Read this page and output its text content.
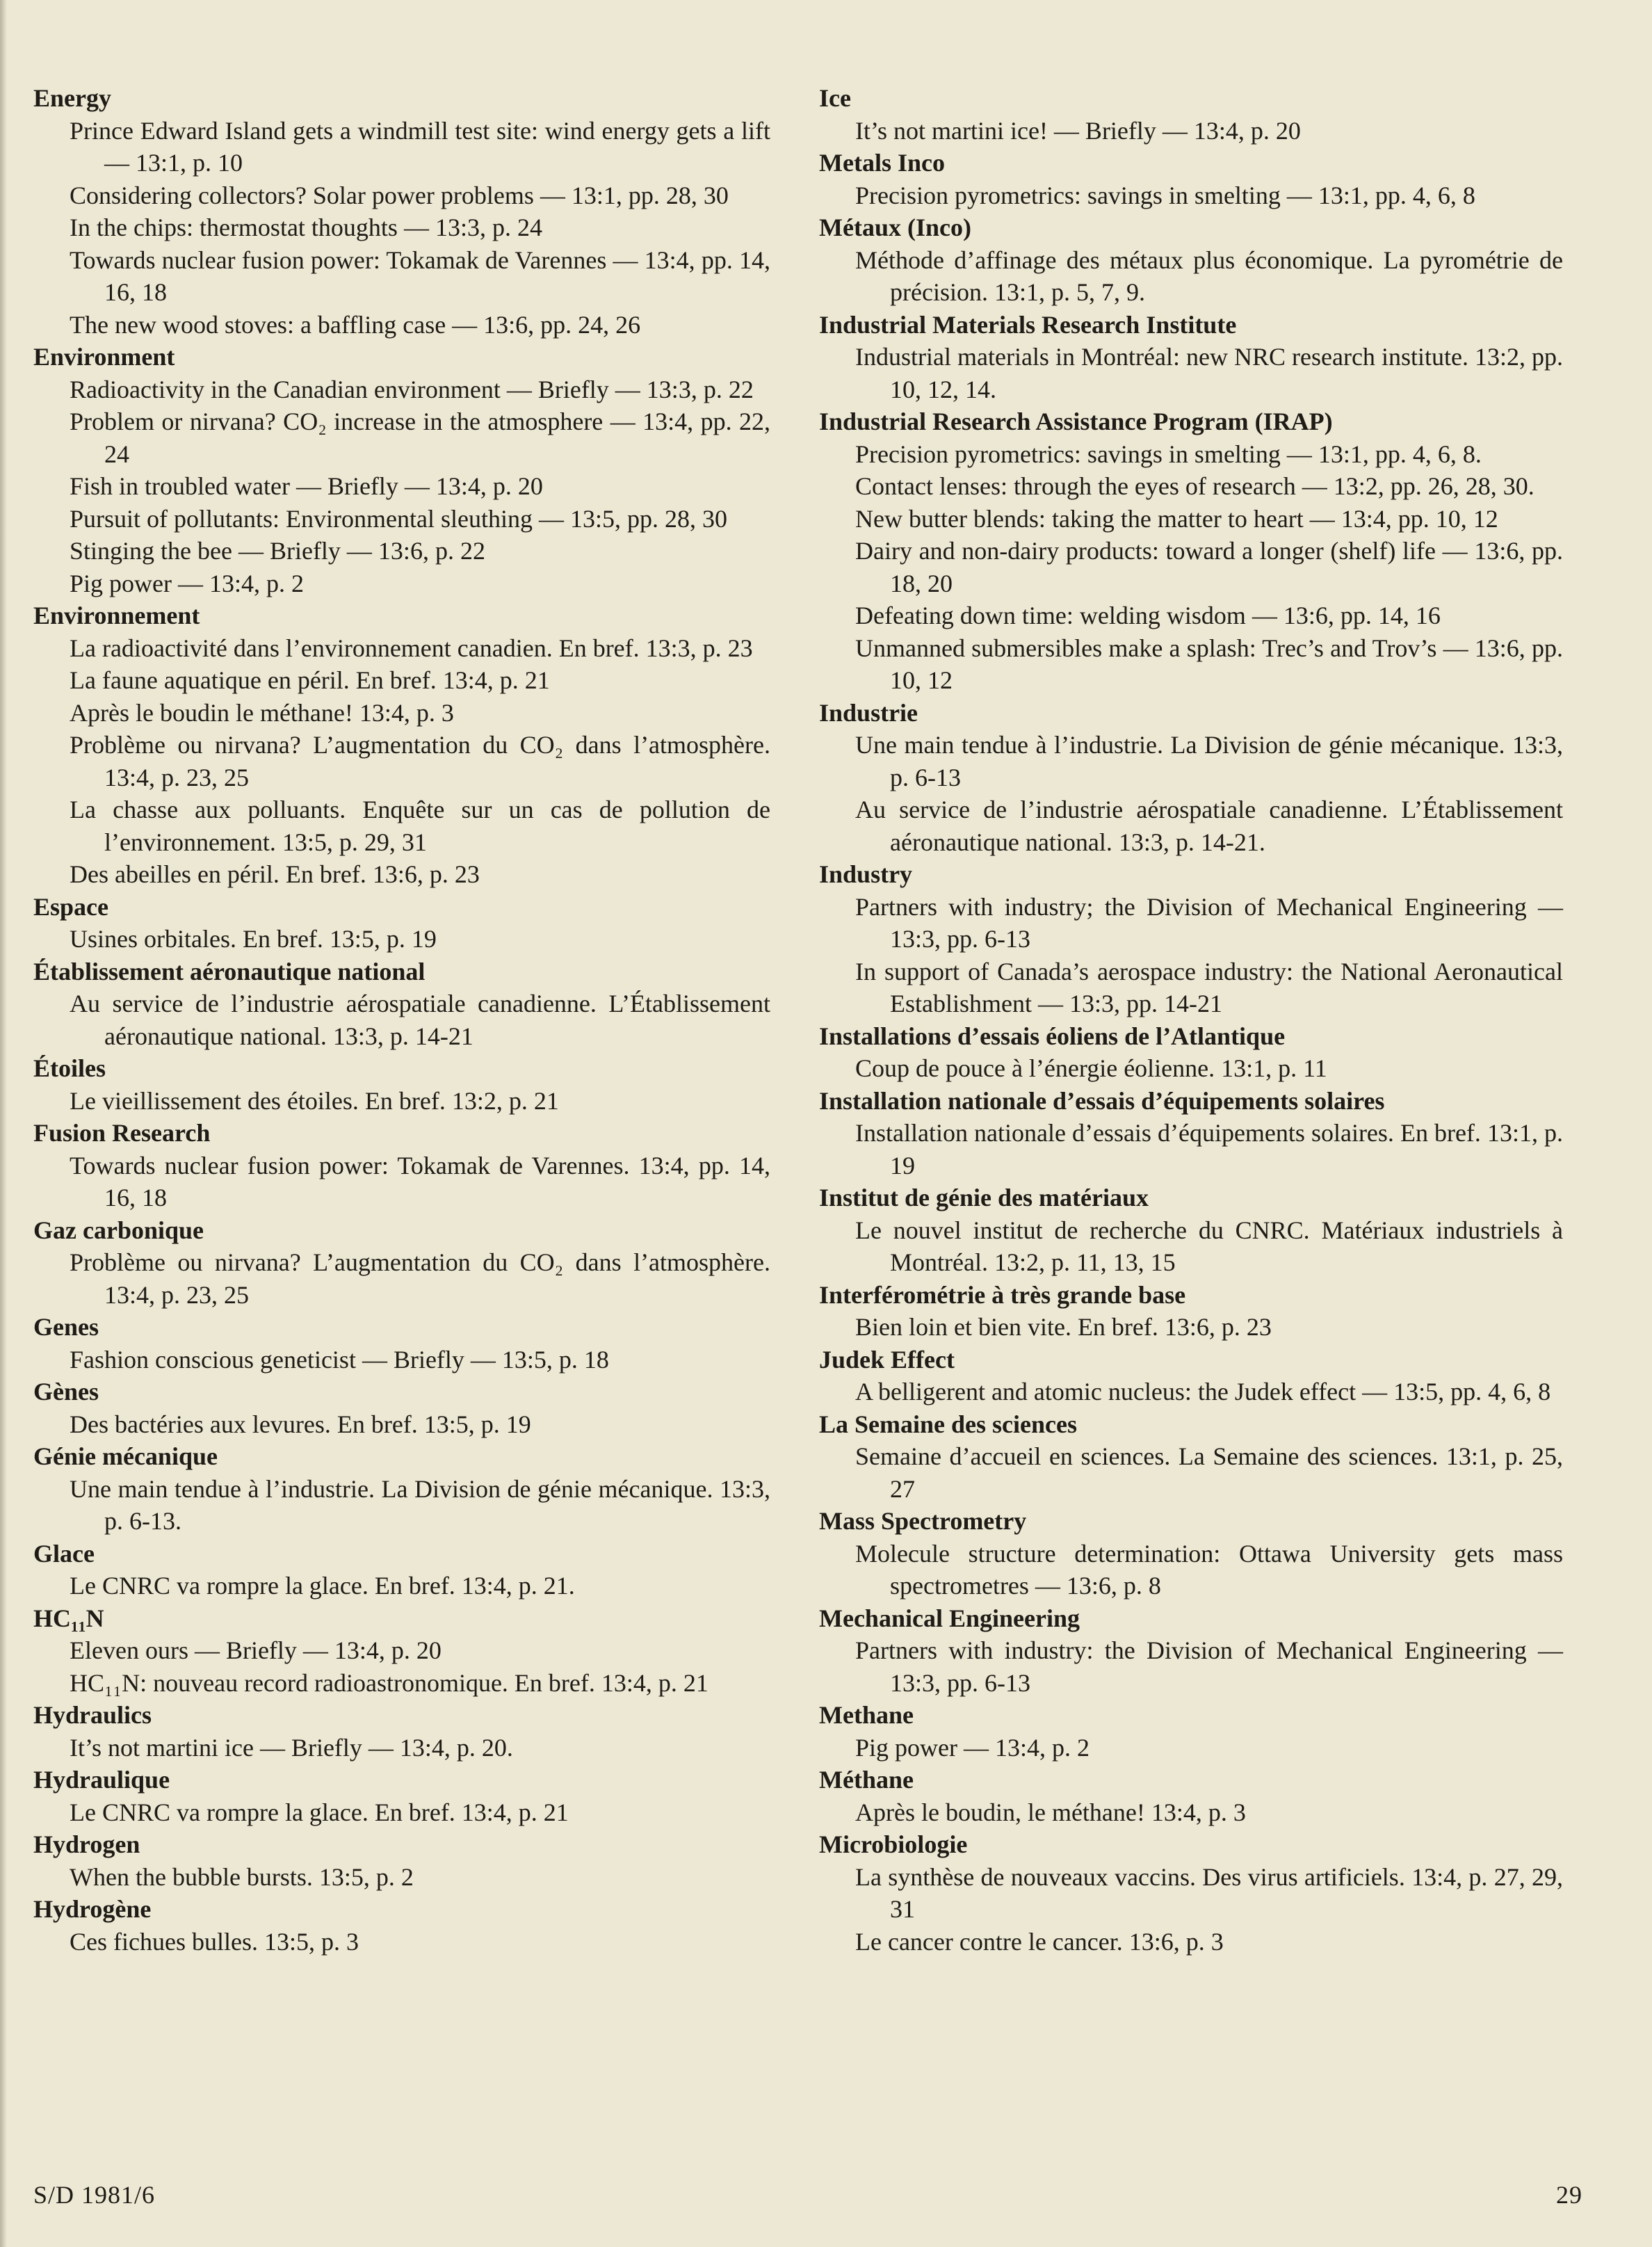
Energy
Prince Edward Island gets a windmill test site: wind energy gets a lift — 13:1, p. 10
Considering collectors? Solar power problems — 13:1, pp. 28, 30
In the chips: thermostat thoughts — 13:3, p. 24
Towards nuclear fusion power: Tokamak de Varennes — 13:4, pp. 14, 16, 18
The new wood stoves: a baffling case — 13:6, pp. 24, 26
Environment
Radioactivity in the Canadian environment — Briefly — 13:3, p. 22
Problem or nirvana? CO₂ increase in the atmosphere — 13:4, pp. 22, 24
Fish in troubled water — Briefly — 13:4, p. 20
Pursuit of pollutants: Environmental sleuthing — 13:5, pp. 28, 30
Stinging the bee — Briefly — 13:6, p. 22
Pig power — 13:4, p. 2
Environnement
La radioactivité dans l’environnement canadien. En bref. 13:3, p. 23
La faune aquatique en péril. En bref. 13:4, p. 21
Après le boudin le méthane! 13:4, p. 3
Problème ou nirvana? L’augmentation du CO₂ dans l’atmosphère. 13:4, p. 23, 25
La chasse aux polluants. Enquête sur un cas de pollution de l’environnement. 13:5, p. 29, 31
Des abeilles en péril. En bref. 13:6, p. 23
Espace
Usines orbitales. En bref. 13:5, p. 19
Établissement aéronautique national
Au service de l’industrie aérospatiale canadienne. L’Établissement aéronautique national. 13:3, p. 14-21
Étoiles
Le vieillissement des étoiles. En bref. 13:2, p. 21
Fusion Research
Towards nuclear fusion power: Tokamak de Varennes. 13:4, pp. 14, 16, 18
Gaz carbonique
Problème ou nirvana? L’augmentation du CO₂ dans l’atmosphère. 13:4, p. 23, 25
Genes
Fashion conscious geneticist — Briefly — 13:5, p. 18
Gènes
Des bactéries aux levures. En bref. 13:5, p. 19
Génie mécanique
Une main tendue à l’industrie. La Division de génie mécanique. 13:3, p. 6-13.
Glace
Le CNRC va rompre la glace. En bref. 13:4, p. 21.
HC₁₁N
Eleven ours — Briefly — 13:4, p. 20
HC₁₁N: nouveau record radioastronomique. En bref. 13:4, p. 21
Hydraulics
It’s not martini ice — Briefly — 13:4, p. 20.
Hydraulique
Le CNRC va rompre la glace. En bref. 13:4, p. 21
Hydrogen
When the bubble bursts. 13:5, p. 2
Hydrogène
Ces fichues bulles. 13:5, p. 3
Ice
It’s not martini ice! — Briefly — 13:4, p. 20
Metals Inco
Precision pyrometrics: savings in smelting — 13:1, pp. 4, 6, 8
Métaux (Inco)
Méthode d’affinage des métaux plus économique. La pyrométrie de précision. 13:1, p. 5, 7, 9.
Industrial Materials Research Institute
Industrial materials in Montréal: new NRC research institute. 13:2, pp. 10, 12, 14.
Industrial Research Assistance Program (IRAP)
Precision pyrometrics: savings in smelting — 13:1, pp. 4, 6, 8.
Contact lenses: through the eyes of research — 13:2, pp. 26, 28, 30.
New butter blends: taking the matter to heart — 13:4, pp. 10, 12
Dairy and non-dairy products: toward a longer (shelf) life — 13:6, pp. 18, 20
Defeating down time: welding wisdom — 13:6, pp. 14, 16
Unmanned submersibles make a splash: Trec’s and Trov’s — 13:6, pp. 10, 12
Industrie
Une main tendue à l’industrie. La Division de génie mécanique. 13:3, p. 6-13
Au service de l’industrie aérospatiale canadienne. L’Établissement aéronautique national. 13:3, p. 14-21.
Industry
Partners with industry; the Division of Mechanical Engineering — 13:3, pp. 6-13
In support of Canada’s aerospace industry: the National Aeronautical Establishment — 13:3, pp. 14-21
Installations d’essais éoliens de l’Atlantique
Coup de pouce à l’énergie éolienne. 13:1, p. 11
Installation nationale d’essais d’équipements solaires
Installation nationale d’essais d’équipements solaires. En bref. 13:1, p. 19
Institut de génie des matériaux
Le nouvel institut de recherche du CNRC. Matériaux industriels à Montréal. 13:2, p. 11, 13, 15
Interférométrie à très grande base
Bien loin et bien vite. En bref. 13:6, p. 23
Judek Effect
A belligerent and atomic nucleus: the Judek effect — 13:5, pp. 4, 6, 8
La Semaine des sciences
Semaine d’accueil en sciences. La Semaine des sciences. 13:1, p. 25, 27
Mass Spectrometry
Molecule structure determination: Ottawa University gets mass spectrometres — 13:6, p. 8
Mechanical Engineering
Partners with industry: the Division of Mechanical Engineering — 13:3, pp. 6-13
Methane
Pig power — 13:4, p. 2
Méthane
Après le boudin, le méthane! 13:4, p. 3
Microbiologie
La synthèse de nouveaux vaccins. Des virus artificiels. 13:4, p. 27, 29, 31
Le cancer contre le cancer. 13:6, p. 3
S/D 1981/6	29
